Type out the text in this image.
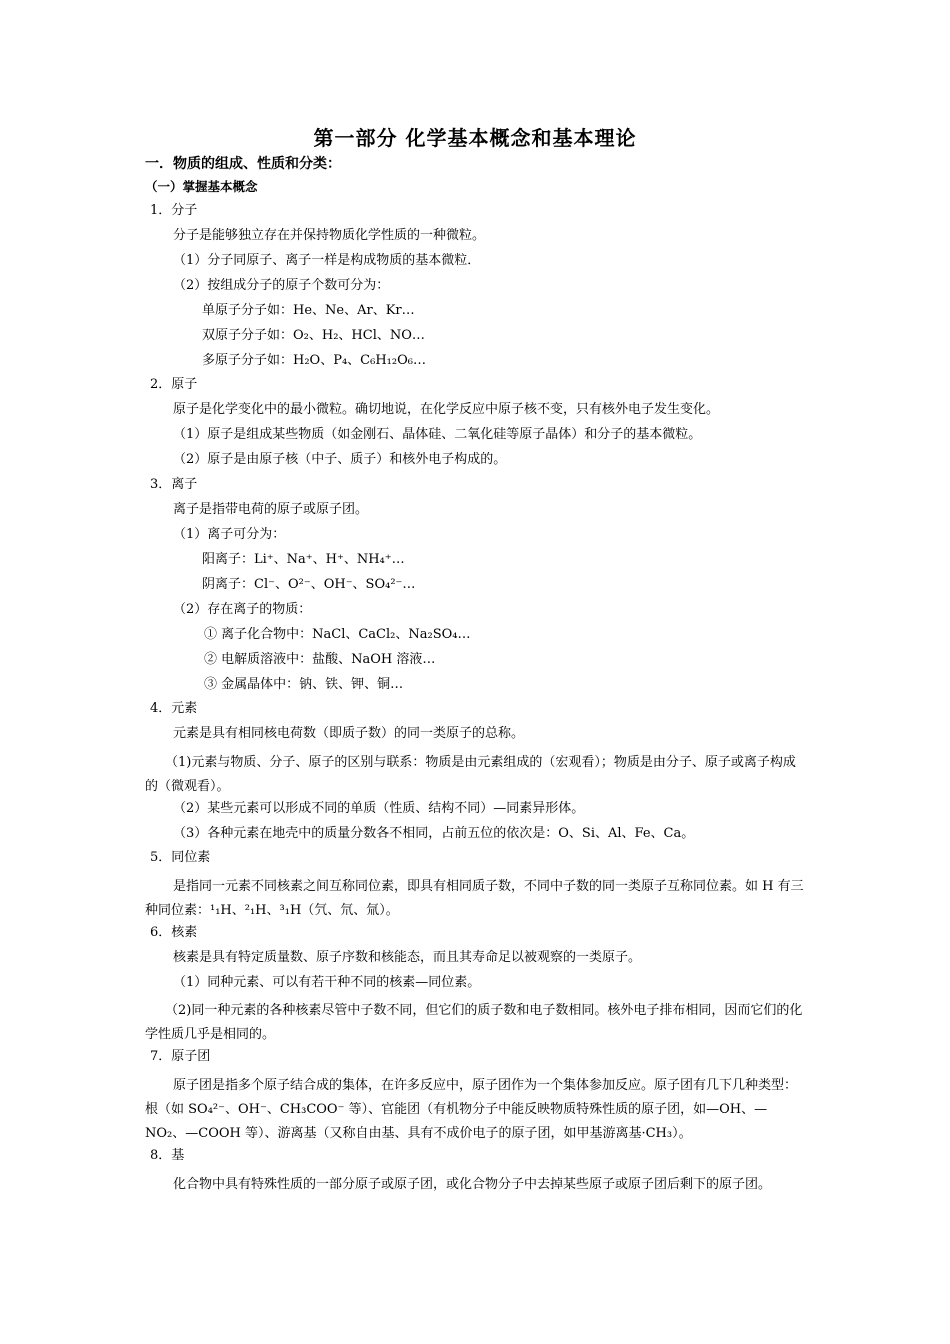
第一部分 化学基本概念和基本理论
一．物质的组成、性质和分类：
（一）掌握基本概念
1．分子
分子是能够独立存在并保持物质化学性质的一种微粒。
（1）分子同原子、离子一样是构成物质的基本微粒．
（2）按组成分子的原子个数可分为：
单原子分子如：He、Ne、Ar、Kr…
双原子分子如：O₂、H₂、HCl、NO…
多原子分子如：H₂O、P₄、C₆H₁₂O₆…
2．原子
原子是化学变化中的最小微粒。确切地说，在化学反应中原子核不变，只有核外电子发生变化。
（1）原子是组成某些物质（如金刚石、晶体硅、二氧化硅等原子晶体）和分子的基本微粒。
（2）原子是由原子核（中子、质子）和核外电子构成的。
3．离子
离子是指带电荷的原子或原子团。
（1）离子可分为：
阳离子：Li⁺、Na⁺、H⁺、NH₄⁺…
阴离子：Cl⁻、O²⁻、OH⁻、SO₄²⁻…
（2）存在离子的物质：
① 离子化合物中：NaCl、CaCl₂、Na₂SO₄…
② 电解质溶液中：盐酸、NaOH 溶液…
③ 金属晶体中：钠、铁、钾、铜…
4．元素
元素是具有相同核电荷数（即质子数）的同一类原子的总称。
（1)元素与物质、分子、原子的区别与联系：物质是由元素组成的（宏观看）；物质是由分子、原子或离子构成的（微观看）。
（2）某些元素可以形成不同的单质（性质、结构不同）—同素异形体。
（3）各种元素在地壳中的质量分数各不相同，占前五位的依次是：O、Si、Al、Fe、Ca。
5．同位素
是指同一元素不同核素之间互称同位素，即具有相同质子数，不同中子数的同一类原子互称同位素。如 H 有三种同位素：¹₁H、²₁H、³₁H（氕、氘、氚）。
6．核素
核素是具有特定质量数、原子序数和核能态，而且其寿命足以被观察的一类原子。
（1）同种元素、可以有若干种不同的核素—同位素。
（2)同一种元素的各种核素尽管中子数不同，但它们的质子数和电子数相同。核外电子排布相同，因而它们的化学性质几乎是相同的。
7．原子团
原子团是指多个原子结合成的集体，在许多反应中，原子团作为一个集体参加反应。原子团有几下几种类型：根（如 SO₄²⁻、OH⁻、CH₃COO⁻ 等）、官能团（有机物分子中能反映物质特殊性质的原子团，如—OH、—NO₂、—COOH 等）、游离基（又称自由基、具有不成价电子的原子团，如甲基游离基·CH₃）。
8．基
化合物中具有特殊性质的一部分原子或原子团，或化合物分子中去掉某些原子或原子团后剩下的原子团。
